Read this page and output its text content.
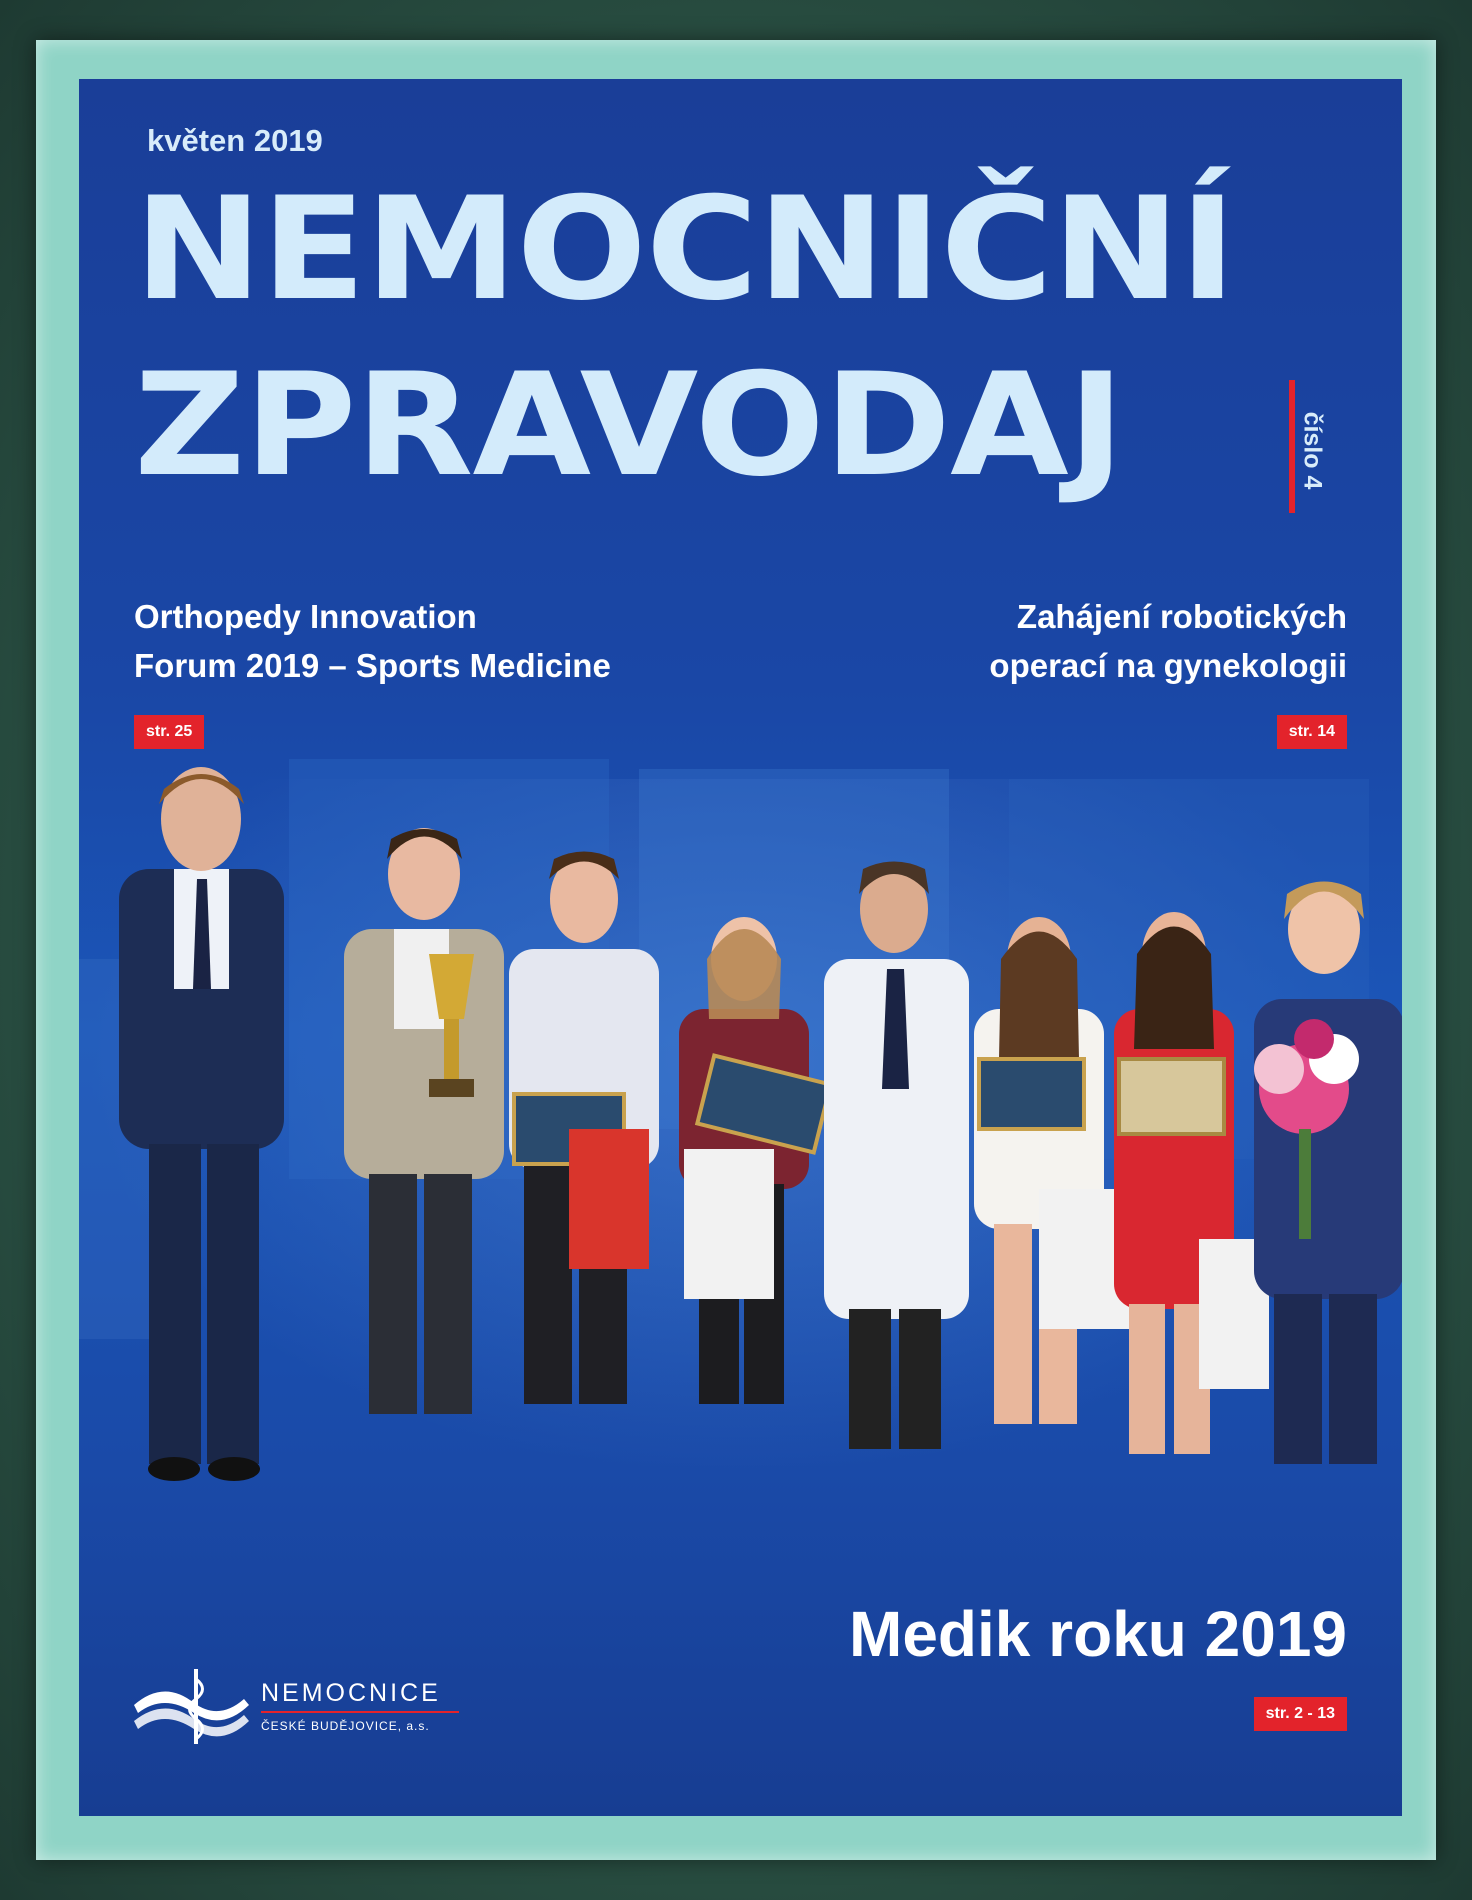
květen 2019
NEMOCNIČNÍ
ZPRAVODAJ	číslo 4
Orthopedy Innovation
Forum 2019 – Sports Medicine
str. 25
Zahájení robotických
operací na gynekologii
str. 14
Medik roku 2019
str. 2 - 13
NEMOCNICE
ČESKÉ BUDĚJOVICE, a.s.
